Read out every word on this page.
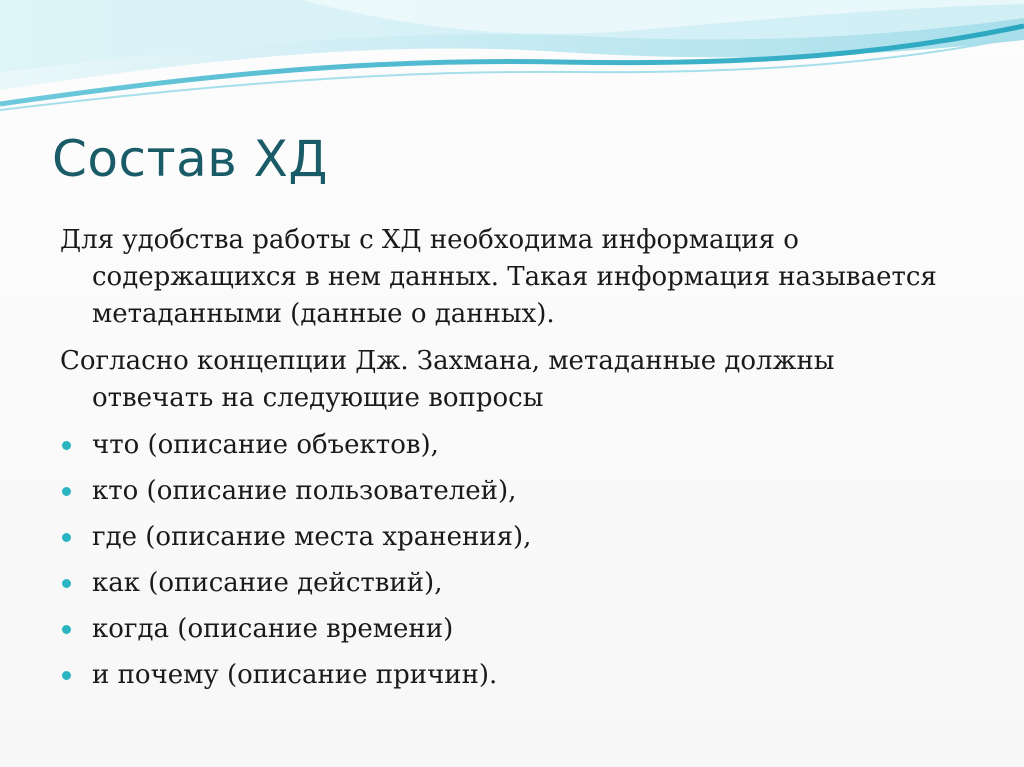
Состав ХД

Для удобства работы с ХД необходима информация о содержащихся в нем данных. Такая информация называется метаданными (данные о данных).

Согласно концепции Дж. Захмана, метаданные должны отвечать на следующие вопросы

что (описание объектов),
кто (описание пользователей),
где (описание места хранения),
как (описание действий),
когда (описание времени)
и почему (описание причин).
